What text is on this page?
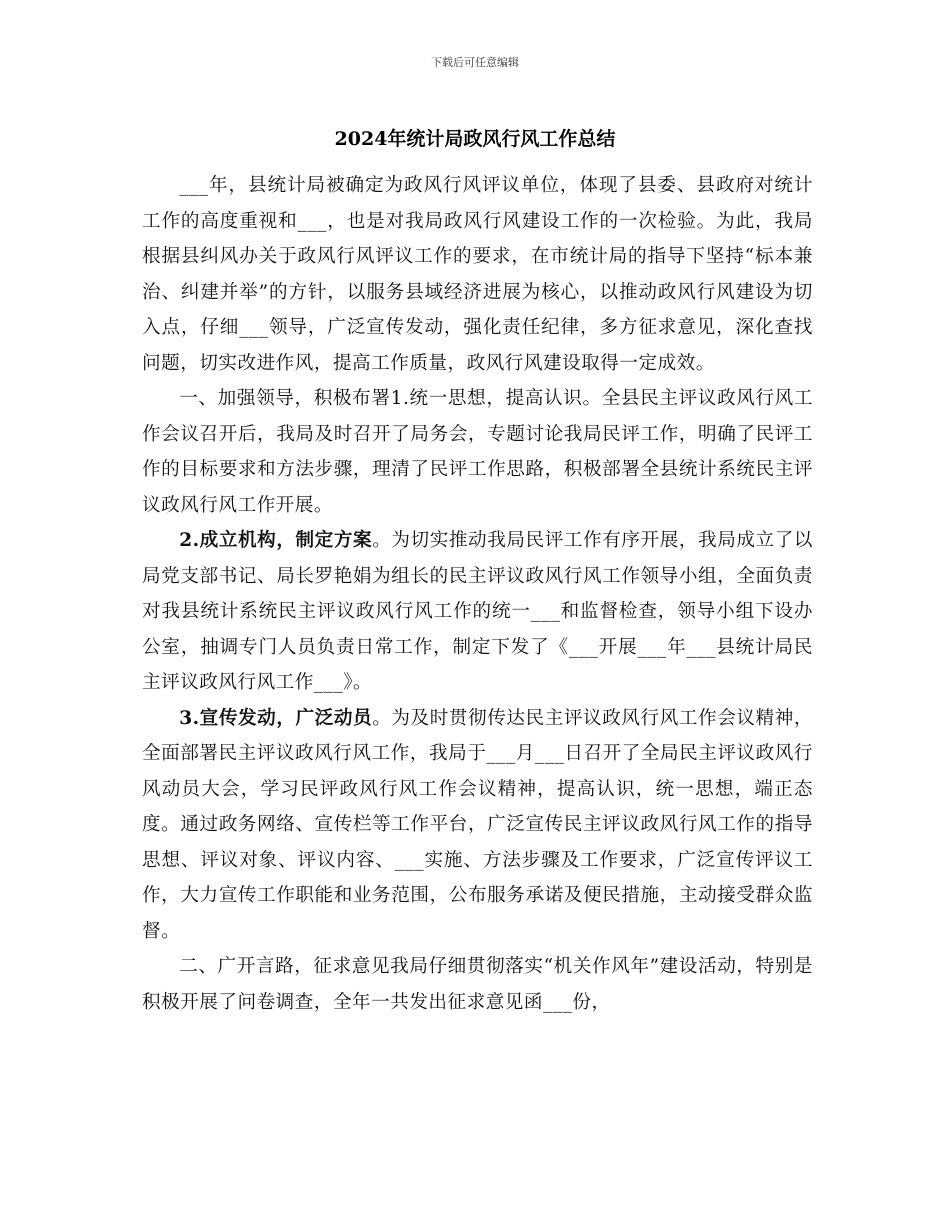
下载后可任意编辑
2024年统计局政风行风工作总结

___年，县统计局被确定为政风行风评议单位，体现了县委、县政府对统计工作的高度重视和___，也是对我局政风行风建设工作的一次检验。为此，我局根据县纠风办关于政风行风评议工作的要求，在市统计局的指导下坚持“标本兼治、纠建并举”的方针，以服务县域经济进展为核心，以推动政风行风建设为切入点，仔细___领导，广泛宣传发动，强化责任纪律，多方征求意见，深化查找问题，切实改进作风，提高工作质量，政风行风建设取得一定成效。

一、加强领导，积极布署1.统一思想，提高认识。全县民主评议政风行风工作会议召开后，我局及时召开了局务会，专题讨论我局民评工作，明确了民评工作的目标要求和方法步骤，理清了民评工作思路，积极部署全县统计系统民主评议政风行风工作开展。

2.成立机构，制定方案。为切实推动我局民评工作有序开展，我局成立了以局党支部书记、局长罗艳娟为组长的民主评议政风行风工作领导小组，全面负责对我县统计系统民主评议政风行风工作的统一___和监督检查，领导小组下设办公室，抽调专门人员负责日常工作，制定下发了《___开展___年___县统计局民主评议政风行风工作___》。

3.宣传发动，广泛动员。为及时贯彻传达民主评议政风行风工作会议精神，全面部署民主评议政风行风工作，我局于___月___日召开了全局民主评议政风行风动员大会，学习民评政风行风工作会议精神，提高认识，统一思想，端正态度。通过政务网络、宣传栏等工作平台，广泛宣传民主评议政风行风工作的指导思想、评议对象、评议内容、___实施、方法步骤及工作要求，广泛宣传评议工作，大力宣传工作职能和业务范围，公布服务承诺及便民措施，主动接受群众监督。

二、广开言路，征求意见我局仔细贯彻落实“机关作风年”建设活动，特别是积极开展了问卷调查，全年一共发出征求意见函___份，
